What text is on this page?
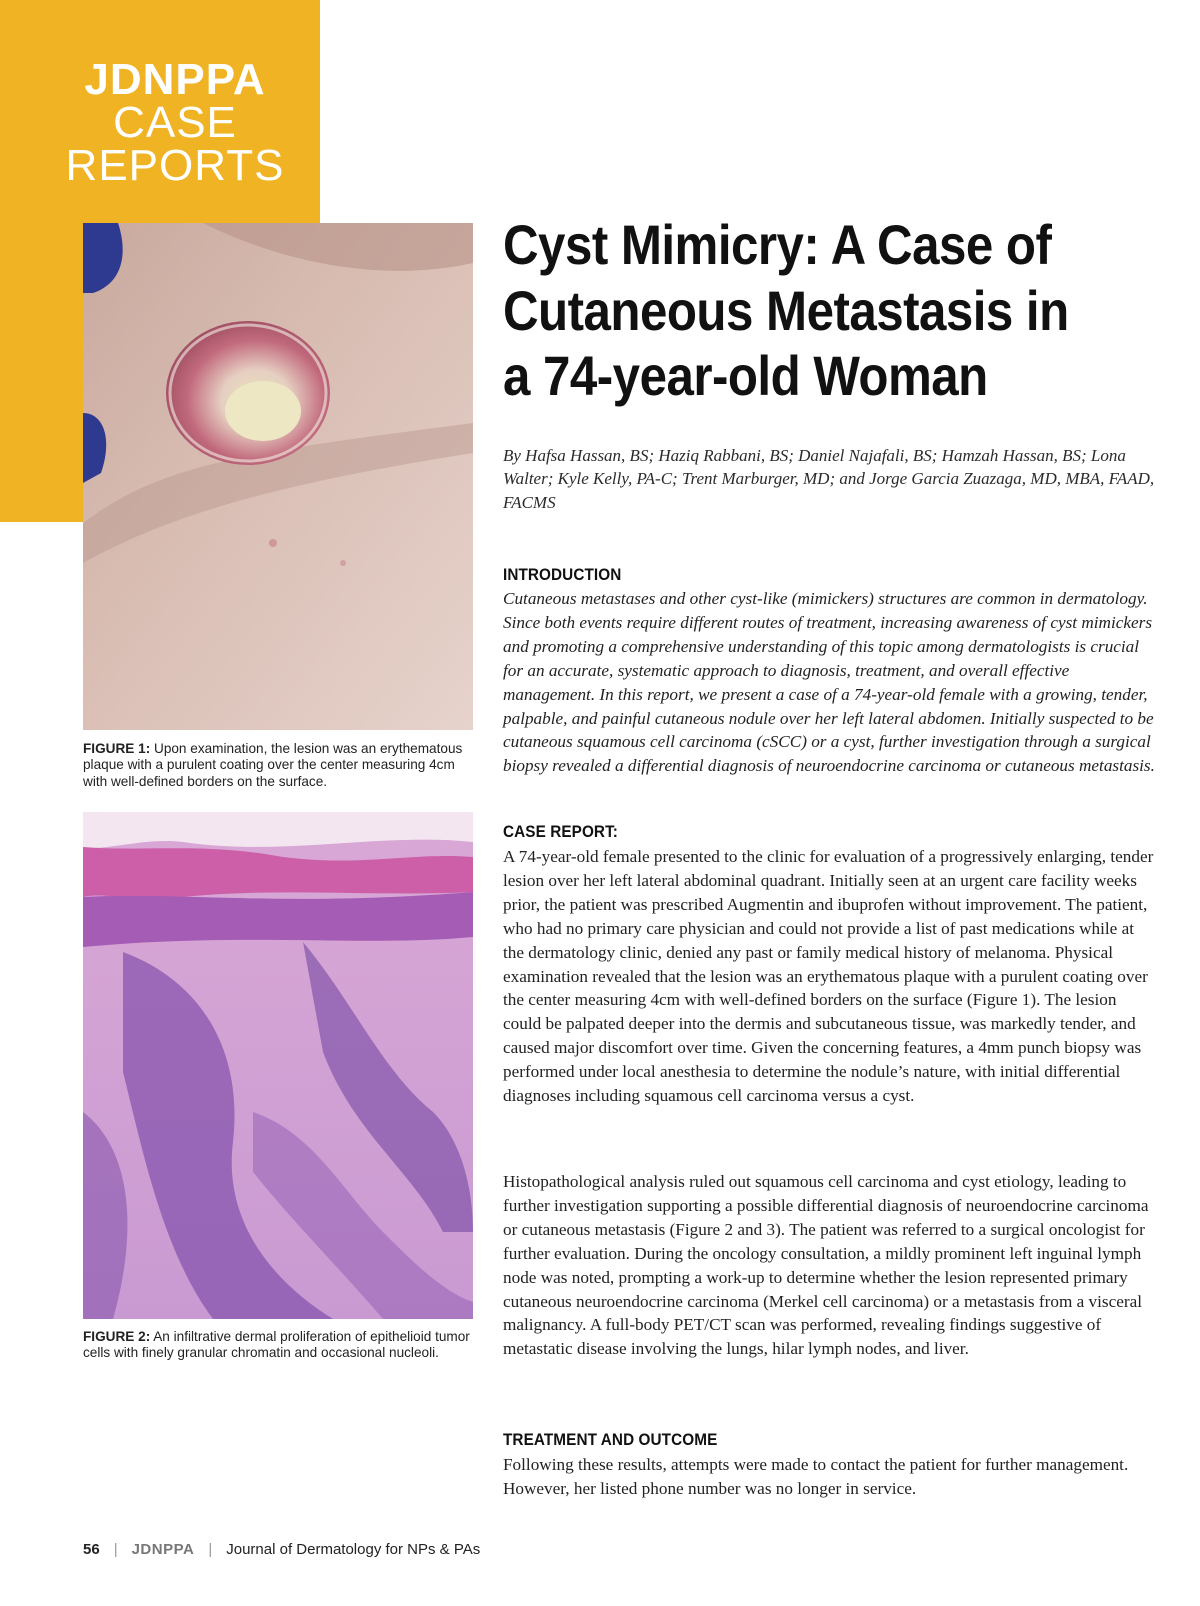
JDNPPA
CASE
REPORTS
FIGURE 1: Upon examination, the lesion was an erythematous plaque with a purulent coating over the center measuring 4cm with well-defined borders on the surface.
FIGURE 2: An infiltrative dermal proliferation of epithelioid tumor cells with finely granular chromatin and occasional nucleoli.
Cyst Mimicry: A Case of Cutaneous Metastasis in a 74-year-old Woman

By Hafsa Hassan, BS; Haziq Rabbani, BS; Daniel Najafali, BS; Hamzah Hassan, BS; Lona Walter; Kyle Kelly, PA-C; Trent Marburger, MD; and Jorge Garcia Zuazaga, MD, MBA, FAAD, FACMS

INTRODUCTION

Cutaneous metastases and other cyst-like (mimickers) structures are common in dermatology. Since both events require different routes of treatment, increasing awareness of cyst mimickers and promoting a comprehensive understanding of this topic among dermatologists is crucial for an accurate, systematic approach to diagnosis, treatment, and overall effective management. In this report, we present a case of a 74-year-old female with a growing, tender, palpable, and painful cutaneous nodule over her left lateral abdomen. Initially suspected to be cutaneous squamous cell carcinoma (cSCC) or a cyst, further investigation through a surgical biopsy revealed a differential diagnosis of neuroendocrine carcinoma or cutaneous metastasis.

CASE REPORT:

A 74-year-old female presented to the clinic for evaluation of a progressively enlarging, tender lesion over her left lateral abdominal quadrant. Initially seen at an urgent care facility weeks prior, the patient was prescribed Augmentin and ibuprofen without improvement. The patient, who had no primary care physician and could not provide a list of past medications while at the dermatology clinic, denied any past or family medical history of melanoma. Physical examination revealed that the lesion was an erythematous plaque with a purulent coating over the center measuring 4cm with well-defined borders on the surface (Figure 1). The lesion could be palpated deeper into the dermis and subcutaneous tissue, was markedly tender, and caused major discomfort over time. Given the concerning features, a 4mm punch biopsy was performed under local anesthesia to determine the nodule’s nature, with initial differential diagnoses including squamous cell carcinoma versus a cyst.

Histopathological analysis ruled out squamous cell carcinoma and cyst etiology, leading to further investigation supporting a possible differential diagnosis of neuroendocrine carcinoma or cutaneous metastasis (Figure 2 and 3). The patient was referred to a surgical oncologist for further evaluation. During the oncology consultation, a mildly prominent left inguinal lymph node was noted, prompting a work-up to determine whether the lesion represented primary cutaneous neuroendocrine carcinoma (Merkel cell carcinoma) or a metastasis from a visceral malignancy. A full-body PET/CT scan was performed, revealing findings suggestive of metastatic disease involving the lungs, hilar lymph nodes, and liver.

TREATMENT AND OUTCOME

Following these results, attempts were made to contact the patient for further management. However, her listed phone number was no longer in service.

56 | JDNPPA | Journal of Dermatology for NPs & PAs
